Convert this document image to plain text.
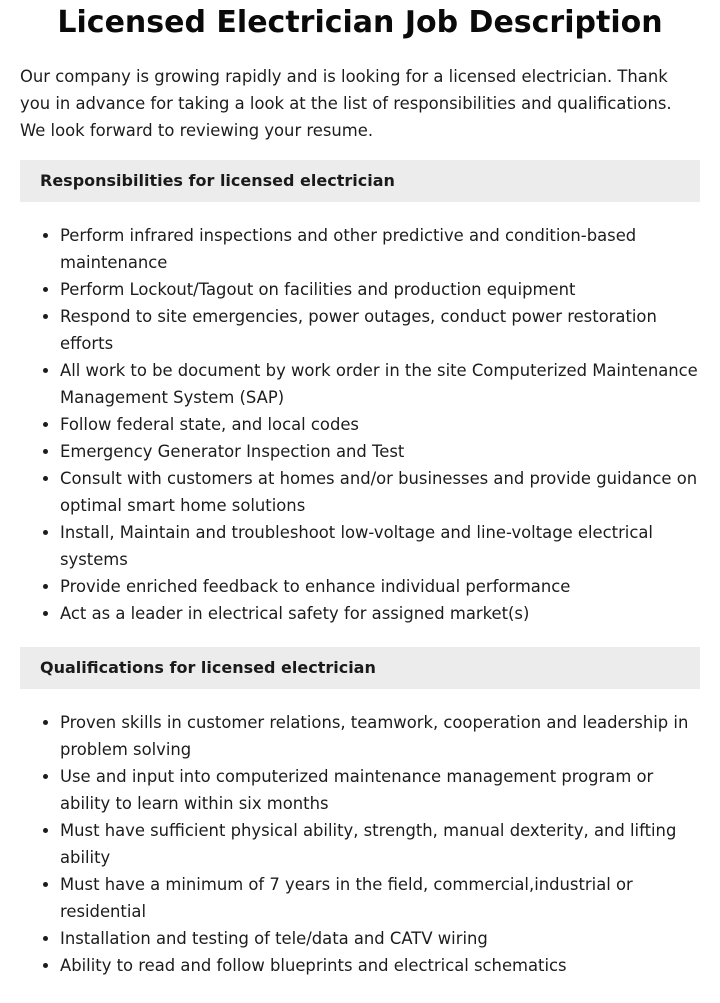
Licensed Electrician Job Description

Our company is growing rapidly and is looking for a licensed electrician. Thank you in advance for taking a look at the list of responsibilities and qualifications. We look forward to reviewing your resume.

Responsibilities for licensed electrician
• Perform infrared inspections and other predictive and condition-based maintenance
• Perform Lockout/Tagout on facilities and production equipment
• Respond to site emergencies, power outages, conduct power restoration efforts
• All work to be document by work order in the site Computerized Maintenance Management System (SAP)
• Follow federal state, and local codes
• Emergency Generator Inspection and Test
• Consult with customers at homes and/or businesses and provide guidance on optimal smart home solutions
• Install, Maintain and troubleshoot low-voltage and line-voltage electrical systems
• Provide enriched feedback to enhance individual performance
• Act as a leader in electrical safety for assigned market(s)
Qualifications for licensed electrician
• Proven skills in customer relations, teamwork, cooperation and leadership in problem solving
• Use and input into computerized maintenance management program or ability to learn within six months
• Must have sufficient physical ability, strength, manual dexterity, and lifting ability
• Must have a minimum of 7 years in the field, commercial,industrial or residential
• Installation and testing of tele/data and CATV wiring
• Ability to read and follow blueprints and electrical schematics
